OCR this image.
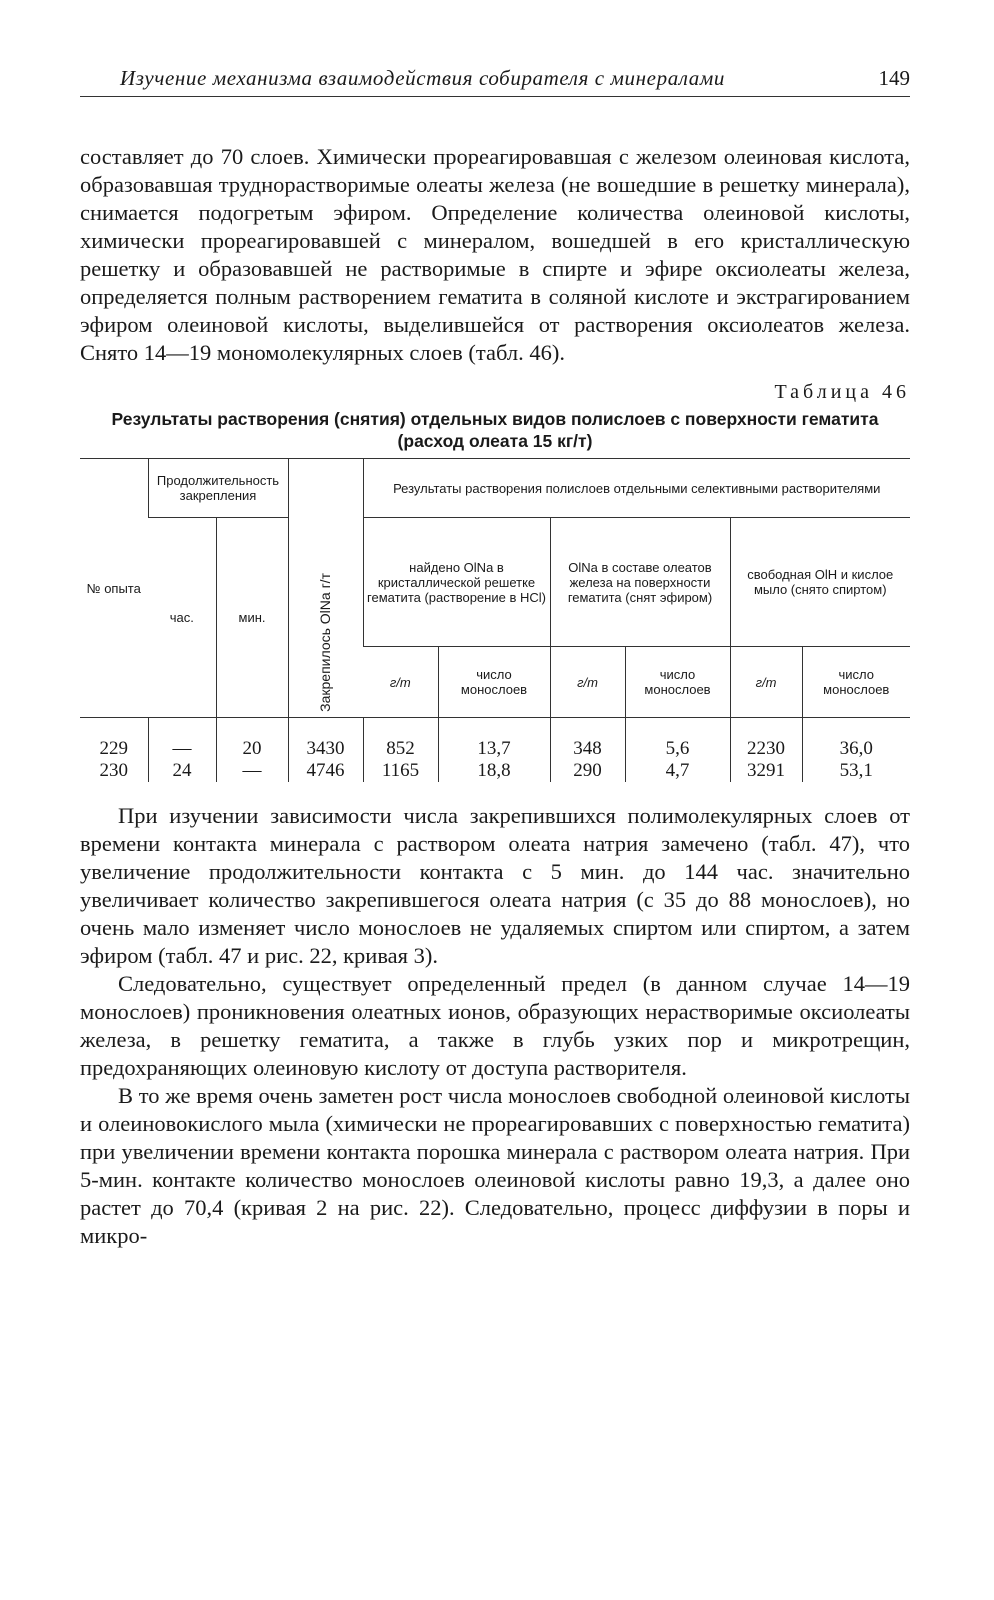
Изучение механизма взаимодействия собирателя с минералами	149

составляет до 70 слоев. Химически прореагировавшая с железом олеиновая кислота, образовавшая труднорастворимые олеаты железа (не вошедшие в решетку минерала), снимается подогретым эфиром. Определение количества олеиновой кислоты, химически прореагировавшей с минералом, вошедшей в его кристаллическую решетку и образовавшей не растворимые в спирте и эфире оксиолеаты железа, определяется полным растворением гематита в соляной кислоте и экстрагированием эфиром олеиновой кислоты, выделившейся от растворения оксиолеатов железа. Снято 14—19 мономолекулярных слоев (табл. 46).

Таблица 46
Результаты растворения (снятия) отдельных видов полислоев с поверхности гематита (расход олеата 15 кг/т)
№ опыта	Продолжительность закрепления		Закрепилось OlNa г/т	Результаты растворения полислоев отдельными селективными растворителями					
	час.	мин.		найдено OlNa в кристаллической решетке гематита (растворение в HCl)		OlNa в составе олеатов железа на поверхности гематита (снят эфиром)		свободная OlH и кислое мыло (снято спиртом)	
				г/т	число монослоев	г/т	число монослоев	г/т	число монослоев
229	—	20	3430	852	13,7	348	5,6	2230	36,0
230	24	—	4746	1165	18,8	290	4,7	3291	53,1

При изучении зависимости числа закрепившихся полимолекулярных слоев от времени контакта минерала с раствором олеата натрия замечено (табл. 47), что увеличение продолжительности контакта с 5 мин. до 144 час. значительно увеличивает количество закрепившегося олеата натрия (с 35 до 88 монослоев), но очень мало изменяет число монослоев не удаляемых спиртом или спиртом, а затем эфиром (табл. 47 и рис. 22, кривая 3).

Следовательно, существует определенный предел (в данном случае 14—19 монослоев) проникновения олеатных ионов, образующих нерастворимые оксиолеаты железа, в решетку гематита, а также в глубь узких пор и микротрещин, предохраняющих олеиновую кислоту от доступа растворителя.

В то же время очень заметен рост числа монослоев свободной олеиновой кислоты и олеиновокислого мыла (химически не прореагировавших с поверхностью гематита) при увеличении времени контакта порошка минерала с раствором олеата натрия. При 5-мин. контакте количество монослоев олеиновой кислоты равно 19,3, а далее оно растет до 70,4 (кривая 2 на рис. 22). Следовательно, процесс диффузии в поры и микро-
